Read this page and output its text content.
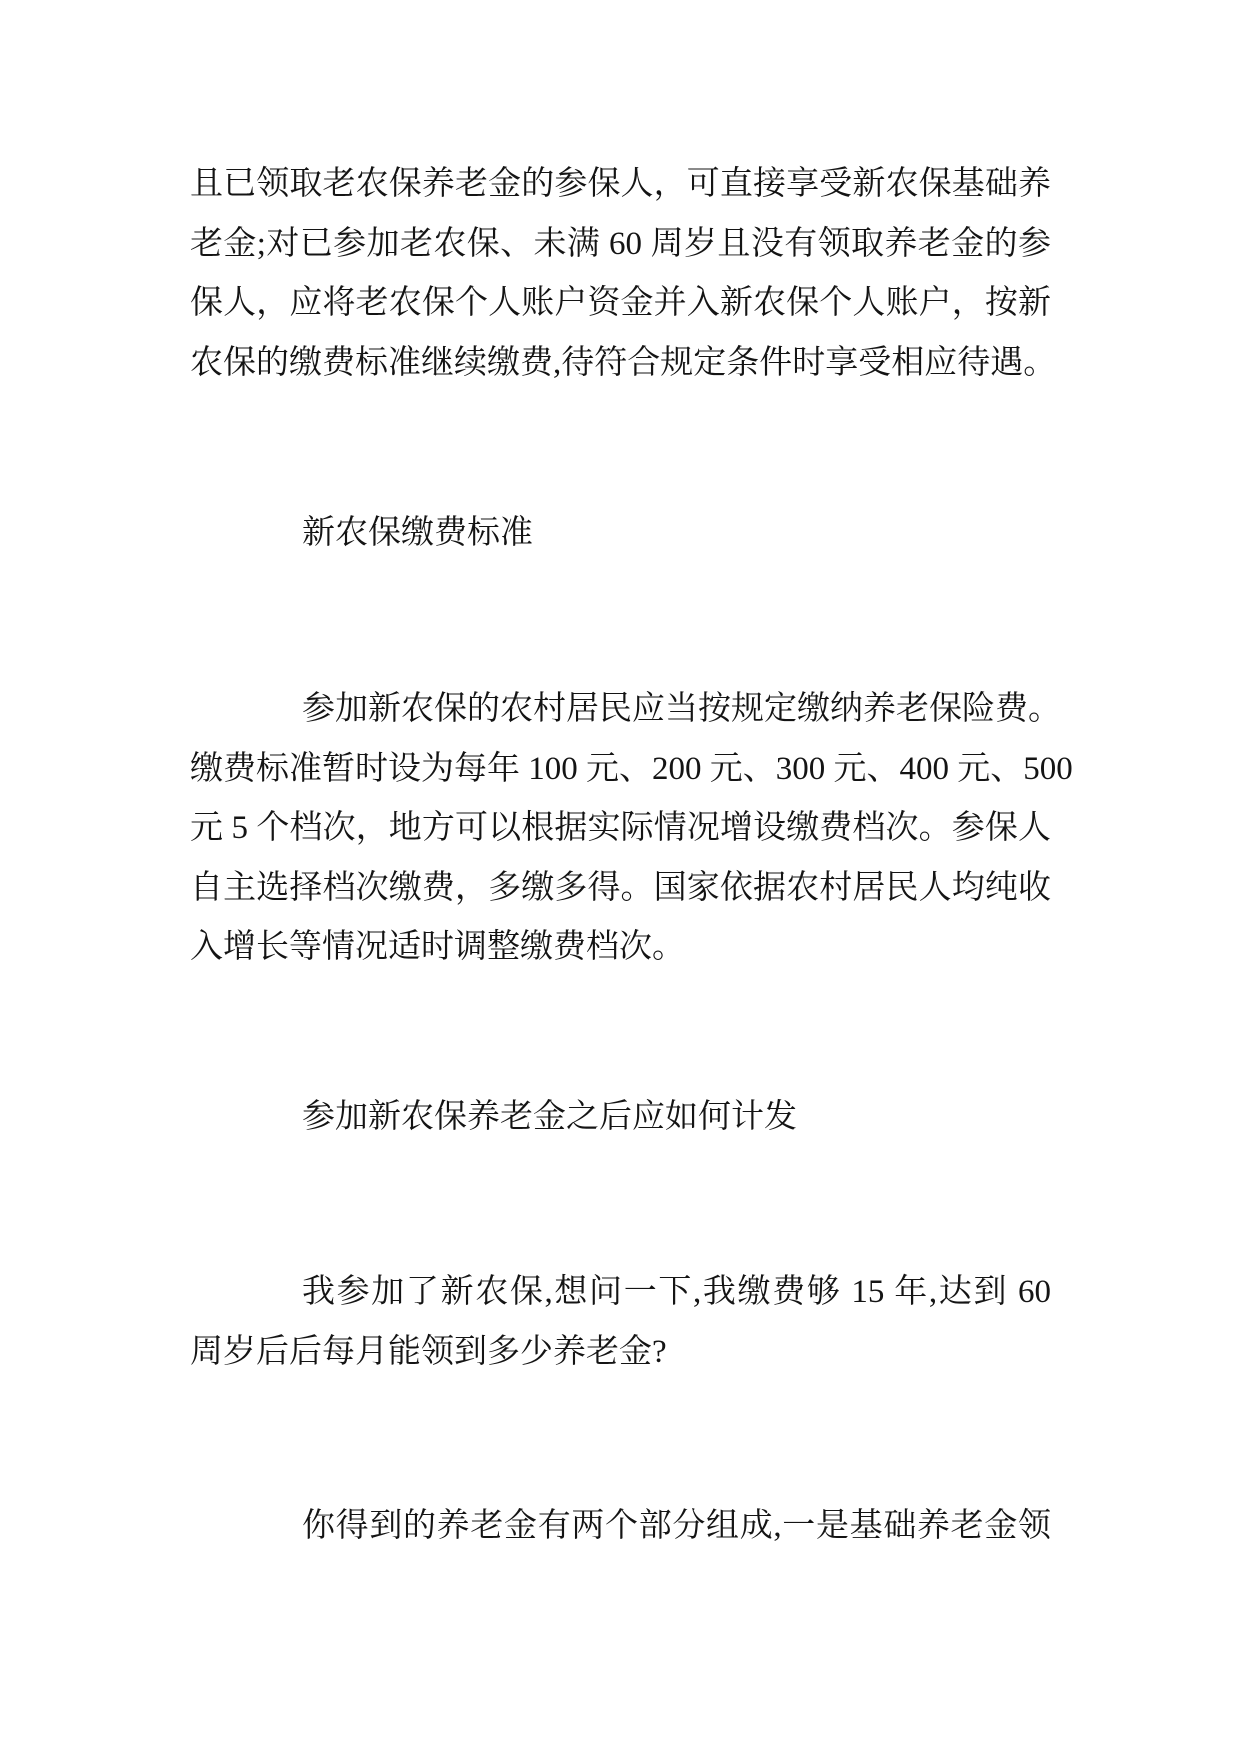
且已领取老农保养老金的参保人，可直接享受新农保基础养
老金;对已参加老农保、未满 60 周岁且没有领取养老金的参
保人，应将老农保个人账户资金并入新农保个人账户，按新
农保的缴费标准继续缴费,待符合规定条件时享受相应待遇。
新农保缴费标准
参加新农保的农村居民应当按规定缴纳养老保险费。
缴费标准暂时设为每年 100 元、200 元、300 元、400 元、500
元 5 个档次，地方可以根据实际情况增设缴费档次。参保人
自主选择档次缴费，多缴多得。国家依据农村居民人均纯收
入增长等情况适时调整缴费档次。
参加新农保养老金之后应如何计发
我参加了新农保,想问一下,我缴费够 15 年,达到 60
周岁后后每月能领到多少养老金?
你得到的养老金有两个部分组成,一是基础养老金领
